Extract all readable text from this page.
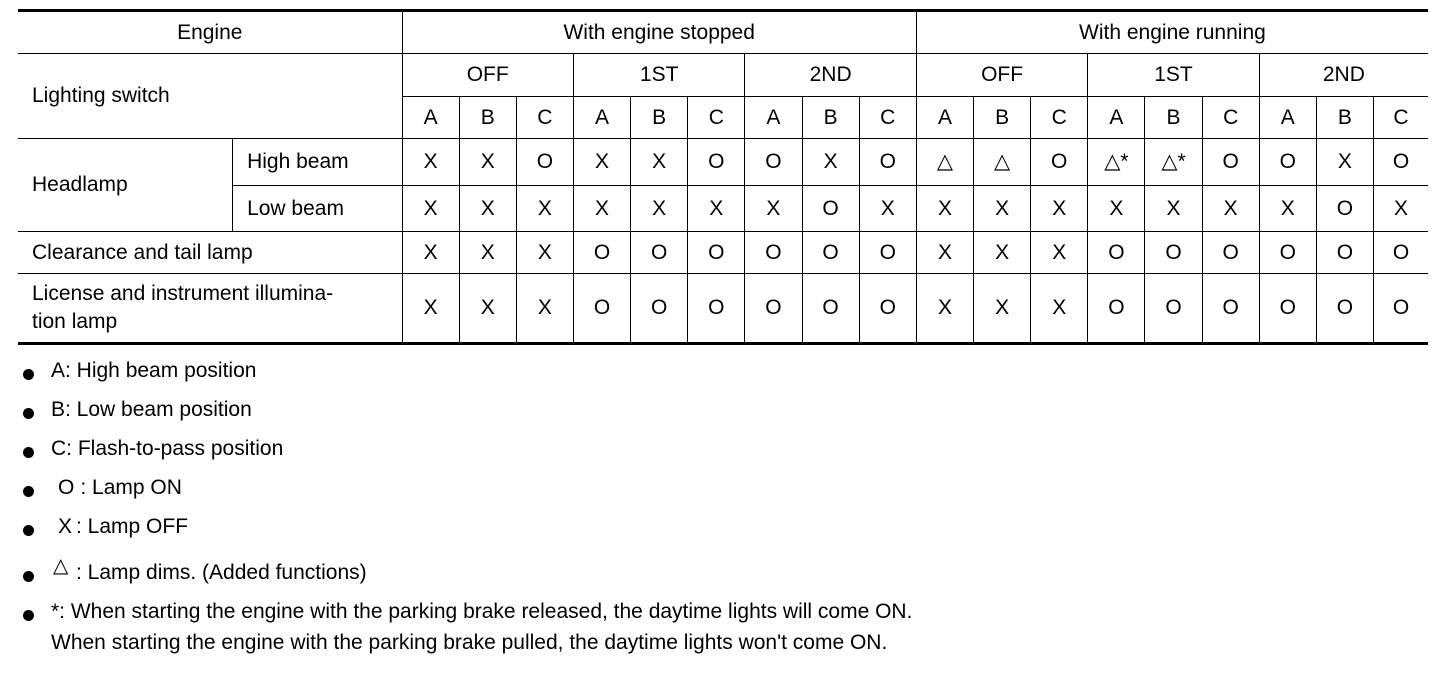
Engine		With engine stopped									With engine running								
Lighting switch		OFF			1ST			2ND			OFF			1ST			2ND		
		A	B	C	A	B	C	A	B	C	A	B	C	A	B	C	A	B	C
Headlamp	High beam	X	X	O	X	X	O	O	X	O	△	△	O	△*	△*	O	O	X	O
	Low beam	X	X	X	X	X	X	X	O	X	X	X	X	X	X	X	X	O	X
Clearance and tail lamp		X	X	X	O	O	O	O	O	O	X	X	X	O	O	O	O	O	O
License and instrument illumina-
tion lamp		X	X	X	O	O	O	O	O	O	X	X	X	O	O	O	O	O	O
A: High beam position
B: Low beam position
C: Flash-to-pass position
O : Lamp ON
X : Lamp OFF
△ : Lamp dims. (Added functions)
*: When starting the engine with the parking brake released, the daytime lights will come ON.
When starting the engine with the parking brake pulled, the daytime lights won't come ON.
